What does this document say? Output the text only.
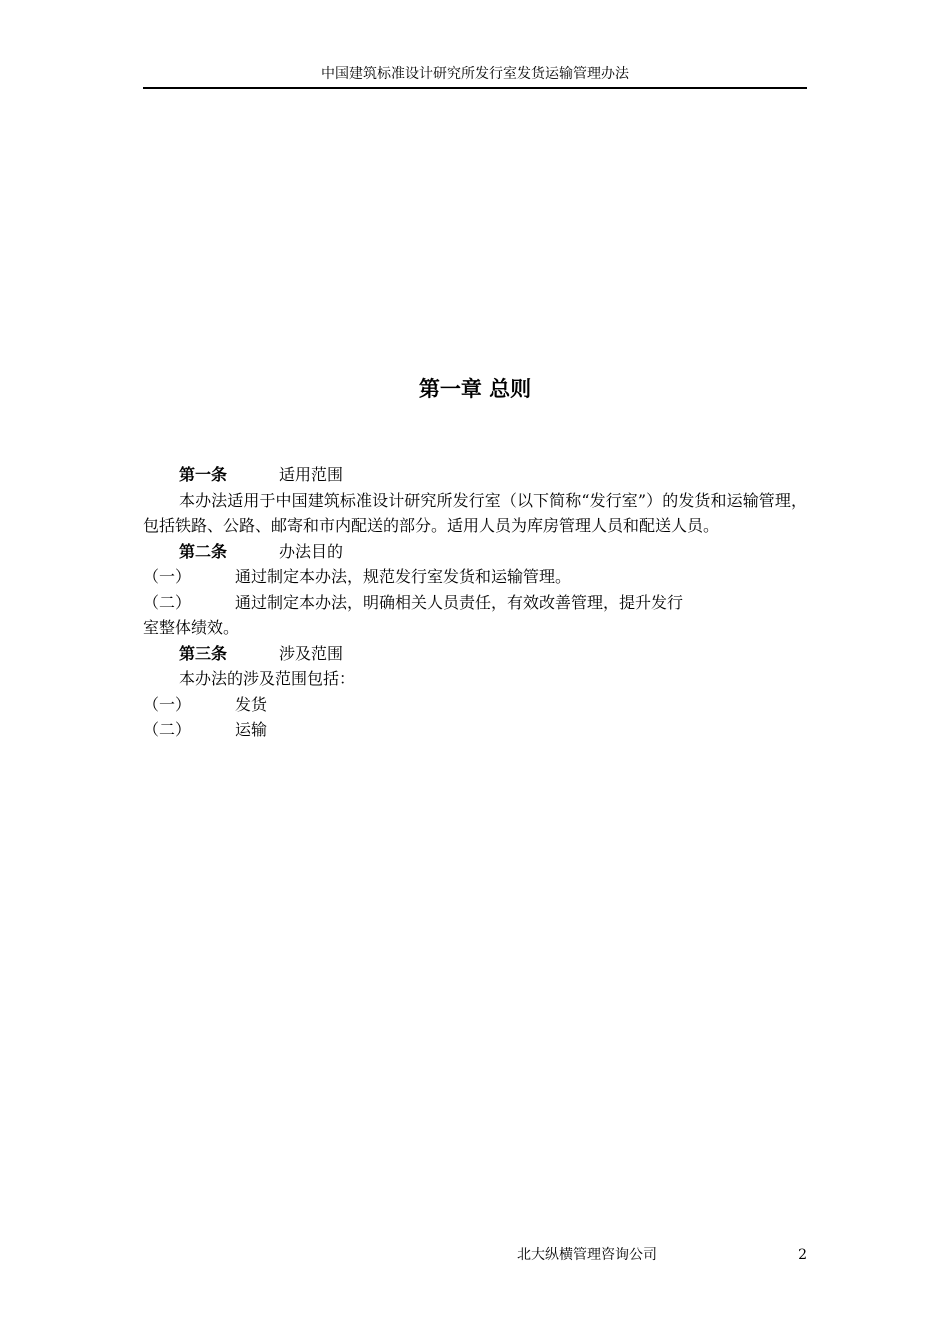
中国建筑标准设计研究所发行室发货运输管理办法
第一章 总则
第一条	适用范围
本办法适用于中国建筑标准设计研究所发行室（以下简称“发行室”）的发货和运输管理，包括铁路、公路、邮寄和市内配送的部分。适用人员为库房管理人员和配送人员。
第二条	办法目的
（一）	通过制定本办法，规范发行室发货和运输管理。
（二）	通过制定本办法，明确相关人员责任，有效改善管理，提升发行
室整体绩效。
第三条	涉及范围
本办法的涉及范围包括：
（一）	发货
（二）	运输
北大纵横管理咨询公司	2
